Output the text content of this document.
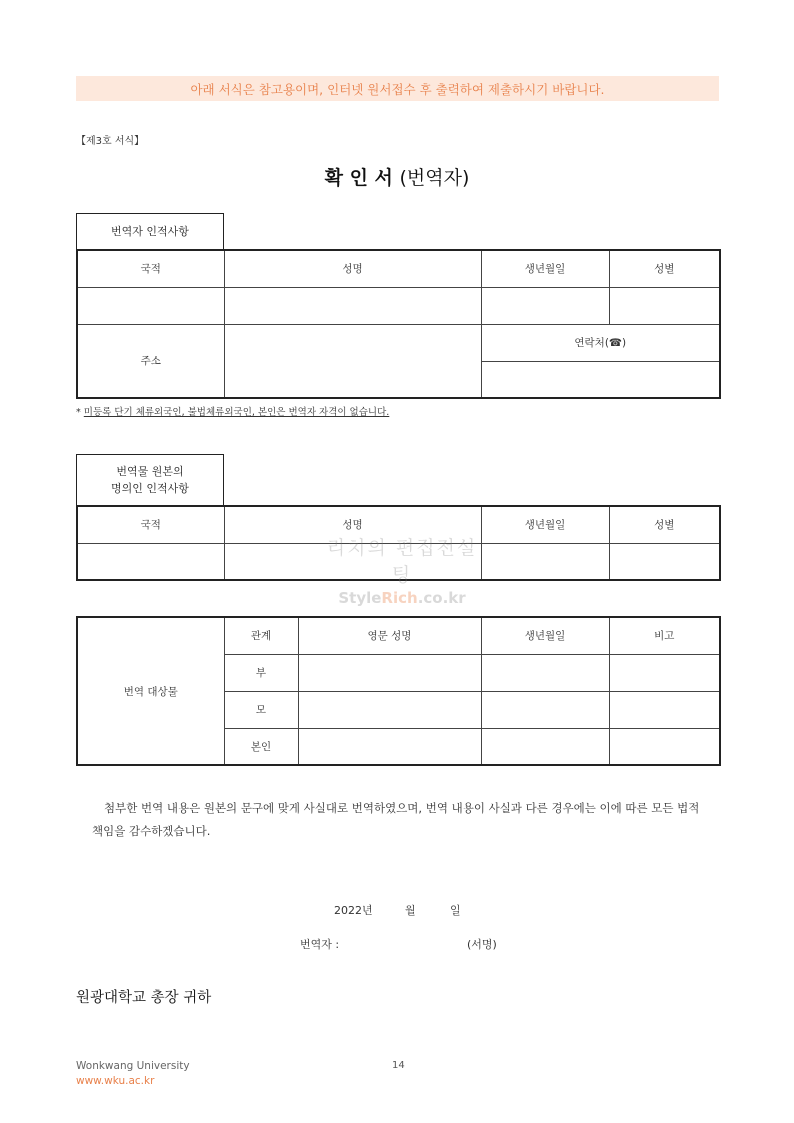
아래 서식은 참고용이며, 인터넷 원서접수 후 출력하여 제출하시기 바랍니다.
【제3호 서식】
확 인 서 (번역자)
번역자 인적사항
국적	성명	생년월일	성별

주소		연락처(☎)	

* 미등록 단기 체류외국인, 불법체류외국인, 본인은 번역자 자격이 없습니다.
번역물 원본의
명의인 인적사항
국적	성명	생년월일	성별

번역 대상물	관계	영문 성명	생년월일	비고
	부			
	모			
	본인			
리치의 편집전설팅
StyleRich.co.kr
첨부한 번역 내용은 원본의 문구에 맞게 사실대로 번역하였으며, 번역 내용이 사실과 다른 경우에는 이에 따른 모든 법적 책임을 감수하겠습니다.
2022년	월	일
번역자 :	(서명)
원광대학교 총장 귀하
Wonkwang University
www.wku.ac.kr
14
